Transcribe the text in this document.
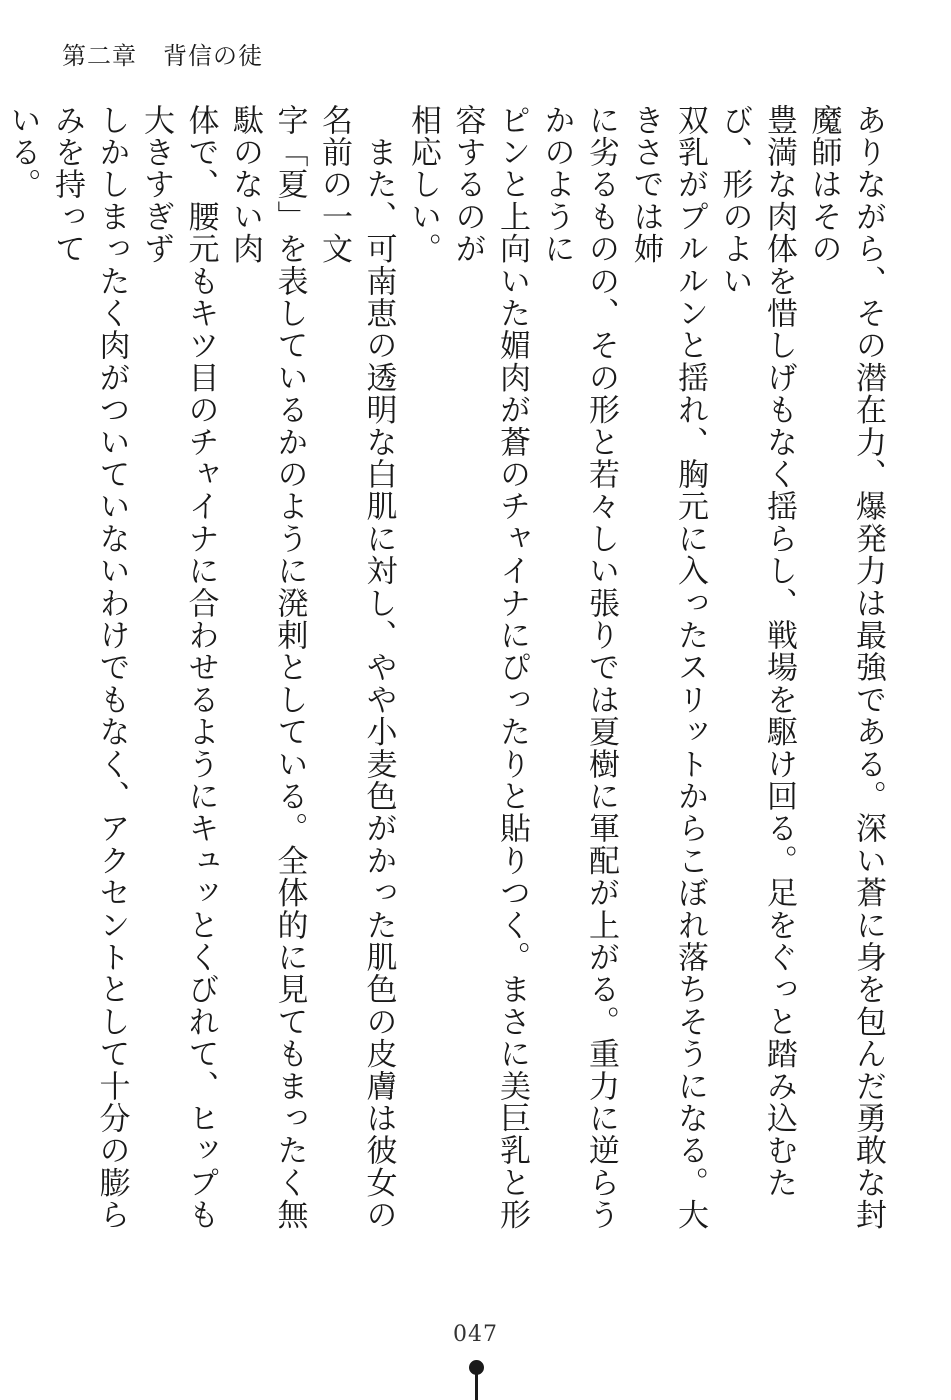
第二章 背信の徒

ありながら、その潜在力、爆発力は最強である。深い蒼に身を包んだ勇敢な封魔師はその
豊満な肉体を惜しげもなく揺らし、戦場を駆け回る。足をぐっと踏み込むたび、形のよい
双乳がプルルンと揺れ、胸元に入ったスリットからこぼれ落ちそうになる。大きさでは姉
に劣るものの、その形と若々しい張りでは夏樹に軍配が上がる。重力に逆らうかのように
ピンと上向いた媚肉が蒼のチャイナにぴったりと貼りつく。まさに美巨乳と形容するのが
相応しい。
　また、可南恵の透明な白肌に対し、やや小麦色がかった肌色の皮膚は彼女の名前の一文
字「夏」を表しているかのように溌剌としている。全体的に見てもまったく無駄のない肉
体で、腰元もキツ目のチャイナに合わせるようにキュッとくびれて、ヒップも大きすぎず
しかしまったく肉がついていないわけでもなく、アクセントとして十分の膨らみを持って
いる。

047
